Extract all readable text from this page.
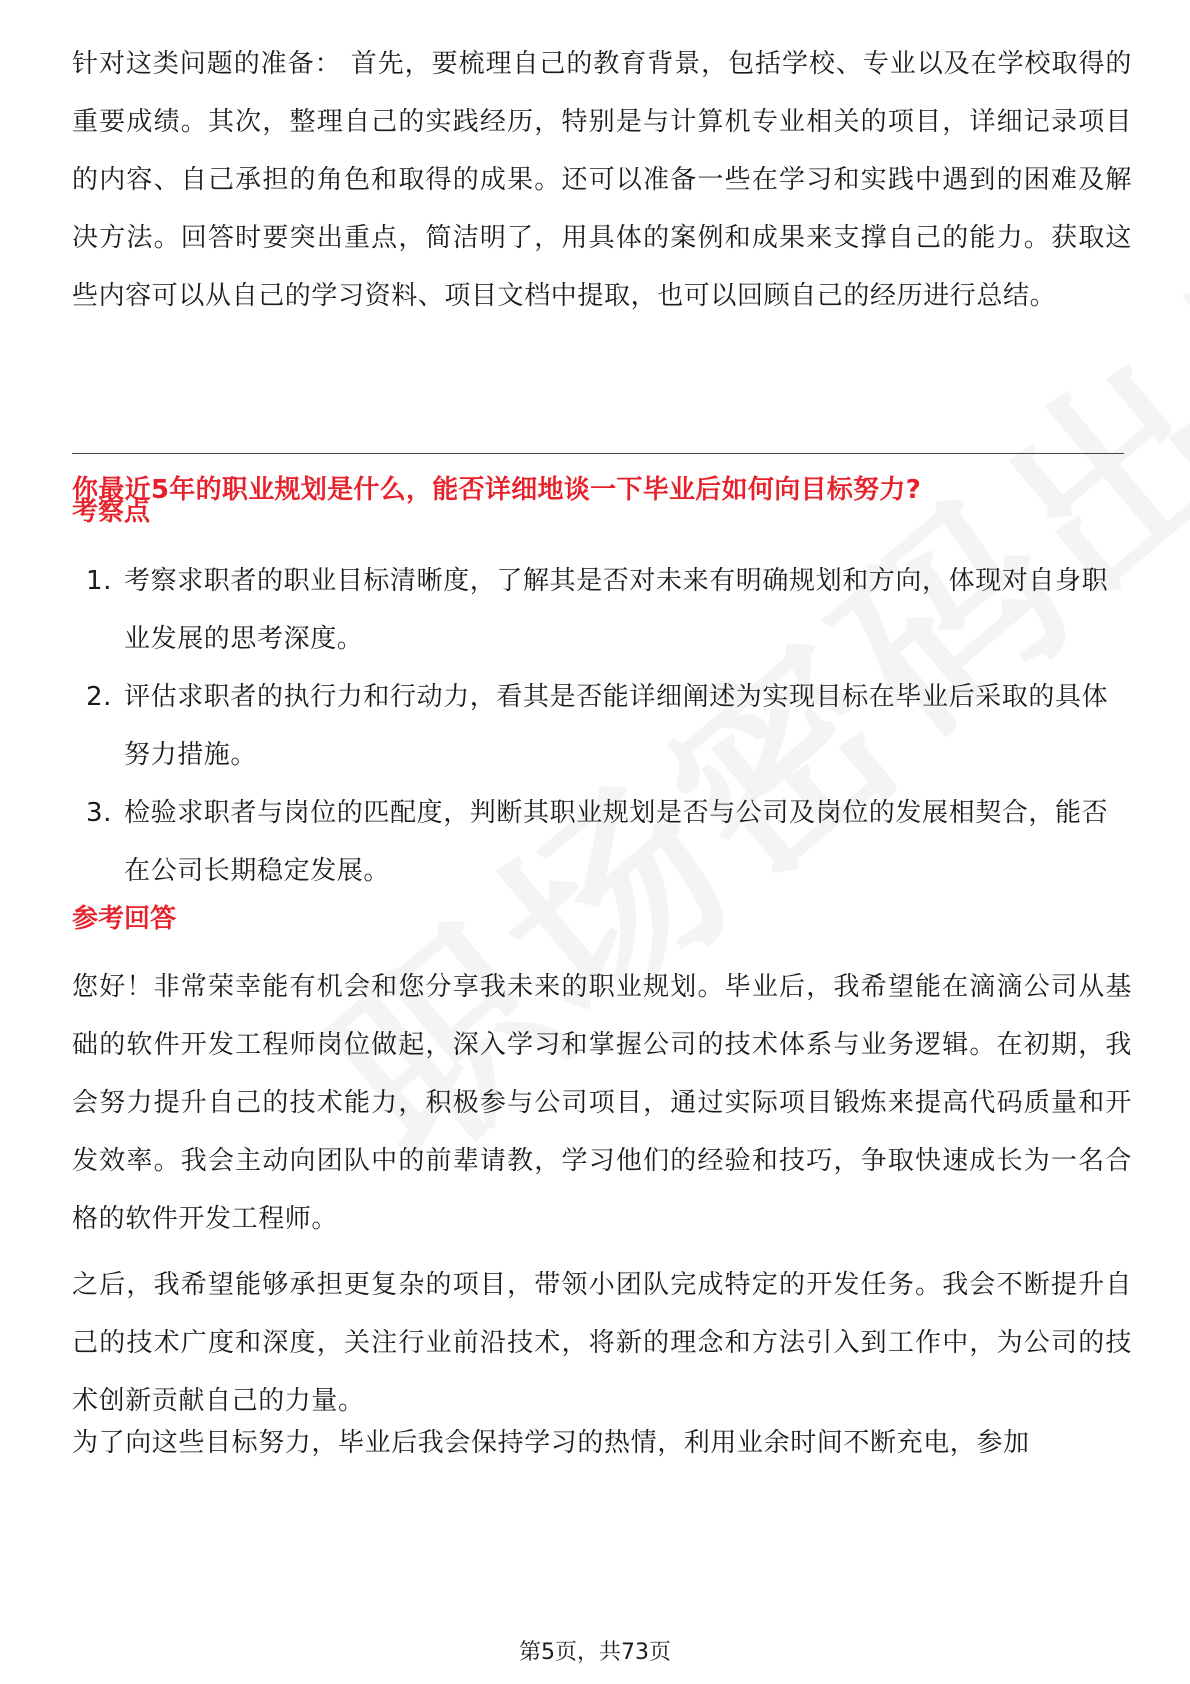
针对这类问题的准备： 首先，要梳理自己的教育背景，包括学校、专业以及在学校取得的重要成绩。其次，整理自己的实践经历，特别是与计算机专业相关的项目，详细记录项目的内容、自己承担的角色和取得的成果。还可以准备一些在学习和实践中遇到的困难及解决方法。回答时要突出重点，简洁明了，用具体的案例和成果来支撑自己的能力。获取这些内容可以从自己的学习资料、项目文档中提取，也可以回顾自己的经历进行总结。

你最近5年的职业规划是什么，能否详细地谈一下毕业后如何向目标努力?
考察点
1. 考察求职者的职业目标清晰度，了解其是否对未来有明确规划和方向，体现对自身职业发展的思考深度。
2. 评估求职者的执行力和行动力，看其是否能详细阐述为实现目标在毕业后采取的具体努力措施。
3. 检验求职者与岗位的匹配度，判断其职业规划是否与公司及岗位的发展相契合，能否在公司长期稳定发展。
参考回答

您好！非常荣幸能有机会和您分享我未来的职业规划。毕业后，我希望能在滴滴公司从基础的软件开发工程师岗位做起，深入学习和掌握公司的技术体系与业务逻辑。在初期，我会努力提升自己的技术能力，积极参与公司项目，通过实际项目锻炼来提高代码质量和开发效率。我会主动向团队中的前辈请教，学习他们的经验和技巧，争取快速成长为一名合格的软件开发工程师。

之后，我希望能够承担更复杂的项目，带领小团队完成特定的开发任务。我会不断提升自己的技术广度和深度，关注行业前沿技术，将新的理念和方法引入到工作中，为公司的技术创新贡献自己的力量。

为了向这些目标努力，毕业后我会保持学习的热情，利用业余时间不断充电，参加

第5页，共73页
